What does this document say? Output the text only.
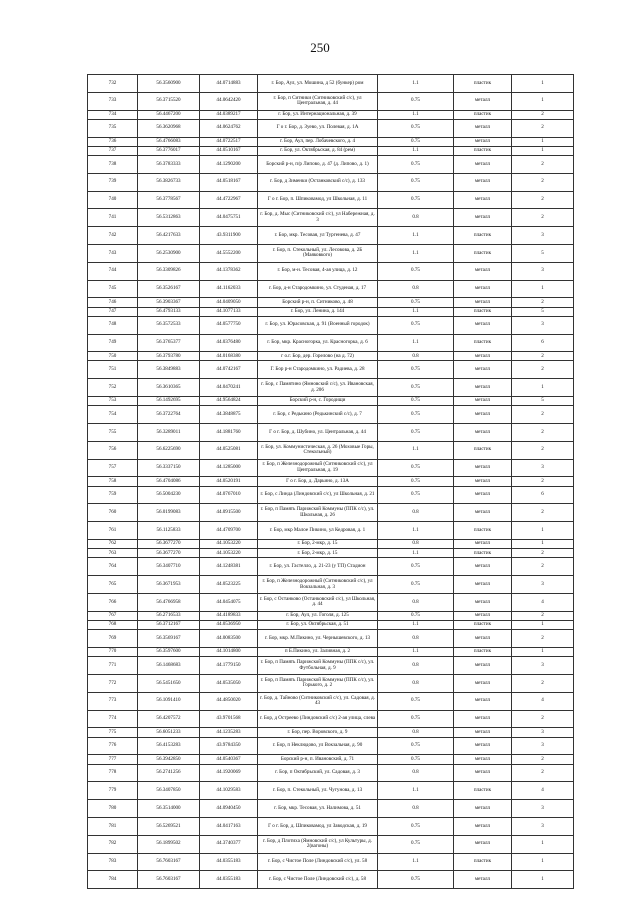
250
732	56.3560900	44.0714883	г. Бор, Аул, ул. Мошина, д 52 (бункер) ром	1.1	пластик	1
733	56.3715520	44.0642420	г. Бор, п Ситники (Ситниковский с/с), ул Центральная, д. 44	0.75	металл	1
734	56.4467200	44.0389217	г. Бор, ул. Интернациональная, д. 39	1.1	пластик	2
735	56.3620968	44.0624762	Г о г. Бор, д. Зуево, ул. Полевая, д. 1А	0.75	металл	2
736	56.4766083	44.0722517	г. Бор, Аул, пер. Лобачевского, д. 4	0.75	металл	1
737	56.3776017	44.0510167	г. Бор, ул. Октябрьская, д. 84 (рем)	1.1	пластик	1
738	56.3783333	44.1290200	Борский р-н, п/р Липово, д. 47 (д. Липово, д. 1)	0.75	металл	2
739	56.3826733	44.0518167	г. Бор, д Зименки (Останковский с/с), д. 133	0.75	металл	2
740	56.3778567	44.4722967	Г о г. Бор, п. Шпиковамод, ул Школьная, д. 11	0.75	металл	2
741	56.5312863	44.0475751	г. Бор, д. Мыс (Ситниковский с/с), ул Набережная, д. 3	0.8	металл	2
742	56.4217633	43.9311900	г. Бор, мкр. Тесовая, ул Тургенева, д. 47	1.1	пластик	3
743	56.2530900	44.5552200	г. Бор, п. Стекольный, ул. Лесовова, д. 2Б (Маяковкого)	1.1	пластик	5
744	56.3309826	44.1378362	г. Бор, м-н. Тесовая, 4-ая улица, д. 12	0.75	металл	3
745	56.3526167	44.1162033	г. Бор, д-н Стародомкино, ул. Студеная, д. 17	0.8	металл	1
746	56.3903367	44.0409050	Борский р-н, п. Ситниково, д. 48	0.75	металл	2
747	56.4793133	44.1077133	г. Бор, ул. Ленина, д. 144	1.1	пластик	5
748	56.3572533	44.0577750	г. Бор, ул. Юрасовская, д. 91 (Военный городок)	0.75	металл	3
749	56.3765377	44.0376480	г. Бор, мкр. Красногорка, ул. Красногорка, д. 6	1.1	пластик	6
750	56.3793780	44.0168380	г о.г. Бор, дер. Горелово (на д. 72)	0.8	металл	2
751	56.3849883	44.0742167	Г. Бор р-н Стародомкино, ул. Радиева, д. 28	0.75	металл	2
752	56.3610365	44.0470241	г. Бор, с Памятино (Ямновский с/с), ул. Ивановская, д. 206	0.75	металл	1
753	56.1492695	44.9564824	Борский р-н, с. Городищи	0.75	металл	5
754	56.3722764	44.3848875	г. Бор, с Редькино (Редькинский с/с), д. 7	0.75	металл	2
755	56.3289011	44.1881760	Г о г. Бор, д. Шубино, ул. Центральная, д. 44	0.75	металл	2
756	56.6225690	44.0525081	г. Бор, ул. Коммунистическая, д. 26 (Моховые Горы, Стекольный)	1.1	пластик	2
757	56.3337150	44.1285000	г. Бор, п Железнодорожный (Ситниковский с/с), ул Центральная, д. 19	0.75	металл	3
758	56.4704086	44.0520191	Г о г. Бор, д. Дарьино, д. 13А	0.75	металл	2
759	56.5004230	44.0767010	г. Бор, с Линда (Линдовский с/с), ул Школьная, д. 21	0.75	металл	6
760	56.0199083	44.0915500	г. Бор, п Память Парижской Коммуны (ППК с/с), ул. Школьная, д. 26	0.8	металл	2
761	56.1125833	44.4709700	г. Бор, мкр Малое Пикино, ул Кедровая, д. 1	1.1	пластик	1
762	56.3677270	44.1053220	г. Бор, 2-мкр, д. 15	0.8	металл	1
763	56.3677270	44.1053220	г. Бор, 2-мкр, д. 15	1.1	пластик	2
764	56.3407710	44.1248381	г. Бор, ул. Гастелло, д. 21-23 (у ТП) Стадион	0.75	металл	2
765	56.3671953	44.0523225	г. Бор, п Железнодорожный (Ситниковский с/с), ул Вокзальная, д. 3	0.75	металл	3
766	56.4766958	44.0454075	г. Бор, с Останково (Останковский с/с), ул Школьная, д. 44	0.8	металл	4
767	56.2716533	44.4189833	г. Бор, Аул, ул. Гоголя, д. 125	0.75	металл	2
768	56.3712167	44.0536950	г. Бор, ул. Октябрьская, д. 51	1.1	пластик	1
769	56.3569167	44.0083500	г. Бор, мкр. М.Пикино, ул. Чернышевского, д. 13	0.8	металл	2
770	56.3597600	44.1014800	п Б.Пикино, ул. Заливная, д. 2	1.1	пластик	1
771	56.1468683	44.1779150	г. Бор, п Память Парижской Коммуны (ППК с/с), ул. Футбольная, д. 9	0.8	металл	3
772	56.5451650	44.0535050	г. Бор, п Память Парижской Коммуны (ППК с/с), ул. Горького, д. 2	0.8	металл	2
773	56.1091410	44.4850020	г. Бор, д. Тайново (Ситниковский с/с), ул. Садовая, д. 43	0.75	металл	4
774	56.4207572	43.9701568	г. Бор, д Остреево (Линдовский с/с) 2-ая улица, слева	0.75	металл	2
775	56.6051233	44.1235283	г. Бор, пер. Воровского, д. 9	0.8	металл	3
776	56.4153283	43.9784350	г. Бор, п Неклюдово, ул Вокзальная, д. 90	0.75	металл	3
777	56.3942850	44.0540367	Борский р-н, п. Ивановский, д. 71	0.75	металл	2
778	56.2741256	44.1920069	г. Бор, п Октябрьский, ул. Садовая, д. 3	0.8	металл	2
779	56.3407850	44.1029583	г. Бор, п. Стекольный, ул. Чугунова, д. 13	1.1	пластик	4
780	56.3514000	44.0940450	г. Бор, мкр. Тесовая, ул. Налимова, д. 51	0.8	металл	3
781	56.5269521	44.0417163	Г о г. Бор, д. Шпиковамод, ул Заводская, д. 19	0.75	металл	3
782	56.1899502	44.3740377	г. Бор, д Плотиха (Ямновский с/с), ул Культуры, д. 2(вагоны)	0.75	металл	1
783	56.7603167	44.0355183	г. Бор, с Чистое Поле (Линдовский с/с), ул. 58	1.1	пластик	1
784	56.7603167	44.0355183	г. Бор, с Чистое Поле (Линдовский с/с), д. 58	0.75	металл	1
